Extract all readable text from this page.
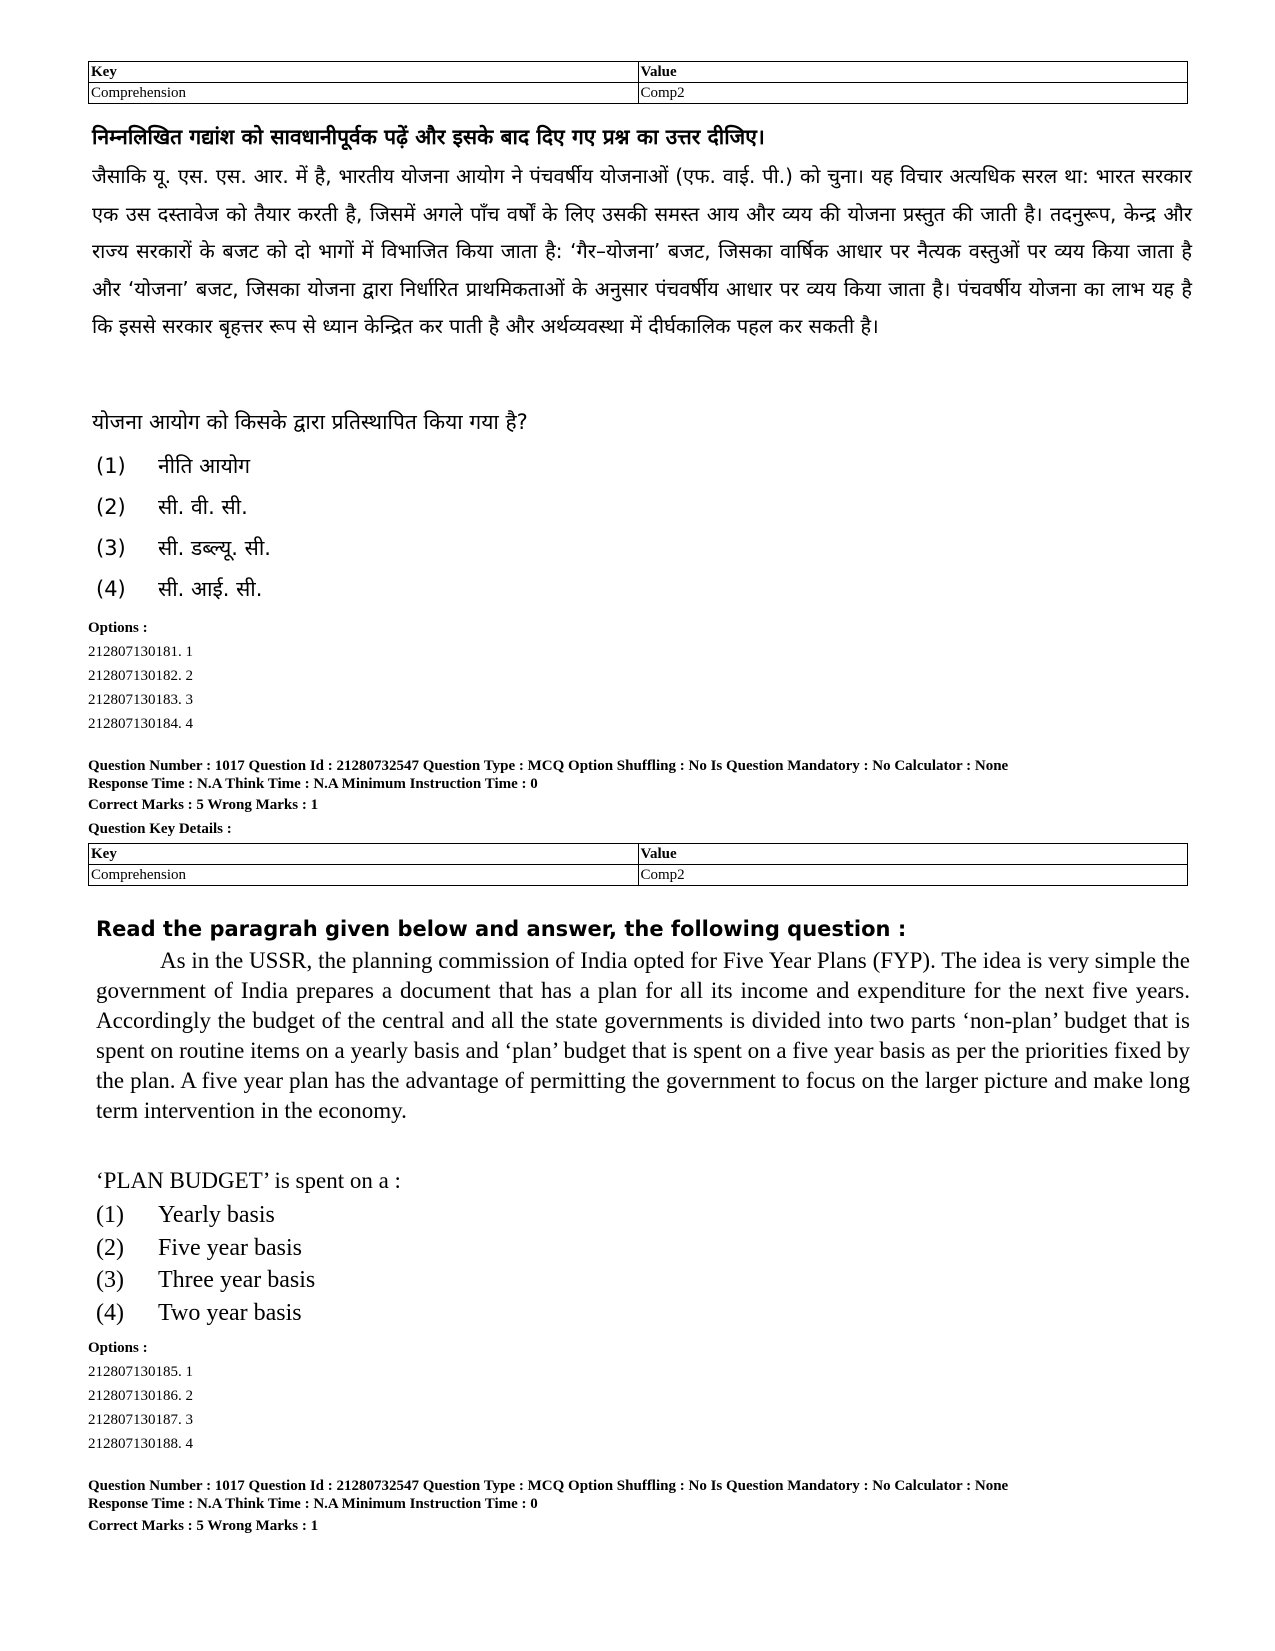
Key	Value
Comprehension	Comp2
निम्नलिखित गद्यांश को सावधानीपूर्वक पढ़ें और इसके बाद दिए गए प्रश्न का उत्तर दीजिए।
जैसाकि यू. एस. एस. आर. में है, भारतीय योजना आयोग ने पंचवर्षीय योजनाओं (एफ. वाई. पी.) को चुना। यह विचार अत्यधिक सरल था: भारत सरकार एक उस दस्तावेज को तैयार करती है, जिसमें अगले पाँच वर्षों के लिए उसकी समस्त आय और व्यय की योजना प्रस्तुत की जाती है। तदनुरूप, केन्द्र और राज्य सरकारों के बजट को दो भागों में विभाजित किया जाता है: ‘गैर–योजना’ बजट, जिसका वार्षिक आधार पर नैत्यक वस्तुओं पर व्यय किया जाता है और ‘योजना’ बजट, जिसका योजना द्वारा निर्धारित प्राथमिकताओं के अनुसार पंचवर्षीय आधार पर व्यय किया जाता है। पंचवर्षीय योजना का लाभ यह है कि इससे सरकार बृहत्तर रूप से ध्यान केन्द्रित कर पाती है और अर्थव्यवस्था में दीर्घकालिक पहल कर सकती है।
योजना आयोग को किसके द्वारा प्रतिस्थापित किया गया है?
(1) नीति आयोग
(2) सी. वी. सी.
(3) सी. डब्ल्यू. सी.
(4) सी. आई. सी.
Options :
212807130181. 1
212807130182. 2
212807130183. 3
212807130184. 4
Question Number : 1017 Question Id : 21280732547 Question Type : MCQ Option Shuffling : No Is Question Mandatory : No Calculator : None
Response Time : N.A Think Time : N.A Minimum Instruction Time : 0
Correct Marks : 5 Wrong Marks : 1
Question Key Details :
Key	Value
Comprehension	Comp2
Read the paragrah given below and answer, the following question :
As in the USSR, the planning commission of India opted for Five Year Plans (FYP). The idea is very simple the government of India prepares a document that has a plan for all its income and expenditure for the next five years. Accordingly the budget of the central and all the state governments is divided into two parts ‘non-plan’ budget that is spent on routine items on a yearly basis and ‘plan’ budget that is spent on a five year basis as per the priorities fixed by the plan. A five year plan has the advantage of permitting the government to focus on the larger picture and make long term intervention in the economy.
‘PLAN BUDGET’ is spent on a :
(1) Yearly basis
(2) Five year basis
(3) Three year basis
(4) Two year basis
Options :
212807130185. 1
212807130186. 2
212807130187. 3
212807130188. 4
Question Number : 1017 Question Id : 21280732547 Question Type : MCQ Option Shuffling : No Is Question Mandatory : No Calculator : None
Response Time : N.A Think Time : N.A Minimum Instruction Time : 0
Correct Marks : 5 Wrong Marks : 1
